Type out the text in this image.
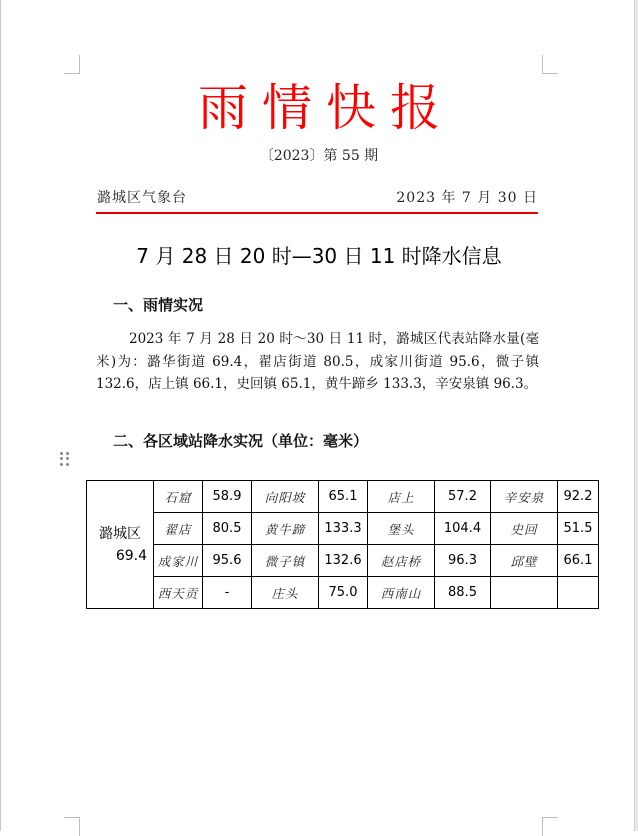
雨情快报
〔2023〕第 55 期
潞城区气象台	2023 年 7 月 30 日
7 月 28 日 20 时—30 日 11 时降水信息
一、雨情实况
2023 年 7 月 28 日 20 时～30 日 11 时，潞城区代表站降水量(毫米)为：潞华街道 69.4，翟店街道 80.5，成家川街道 95.6，微子镇 132.6，店上镇 66.1，史回镇 65.1，黄牛蹄乡 133.3，辛安泉镇 96.3。
二、各区域站降水实况（单位：毫米）
潞城区
69.4	石窟	58.9	向阳坡	65.1	店上	57.2	辛安泉	92.2
	翟店	80.5	黄牛蹄	133.3	堡头	104.4	史回	51.5
	成家川	95.6	微子镇	132.6	赵店桥	96.3	邱壁	66.1
	西天贡	-	庄头	75.0	西南山	88.5		
